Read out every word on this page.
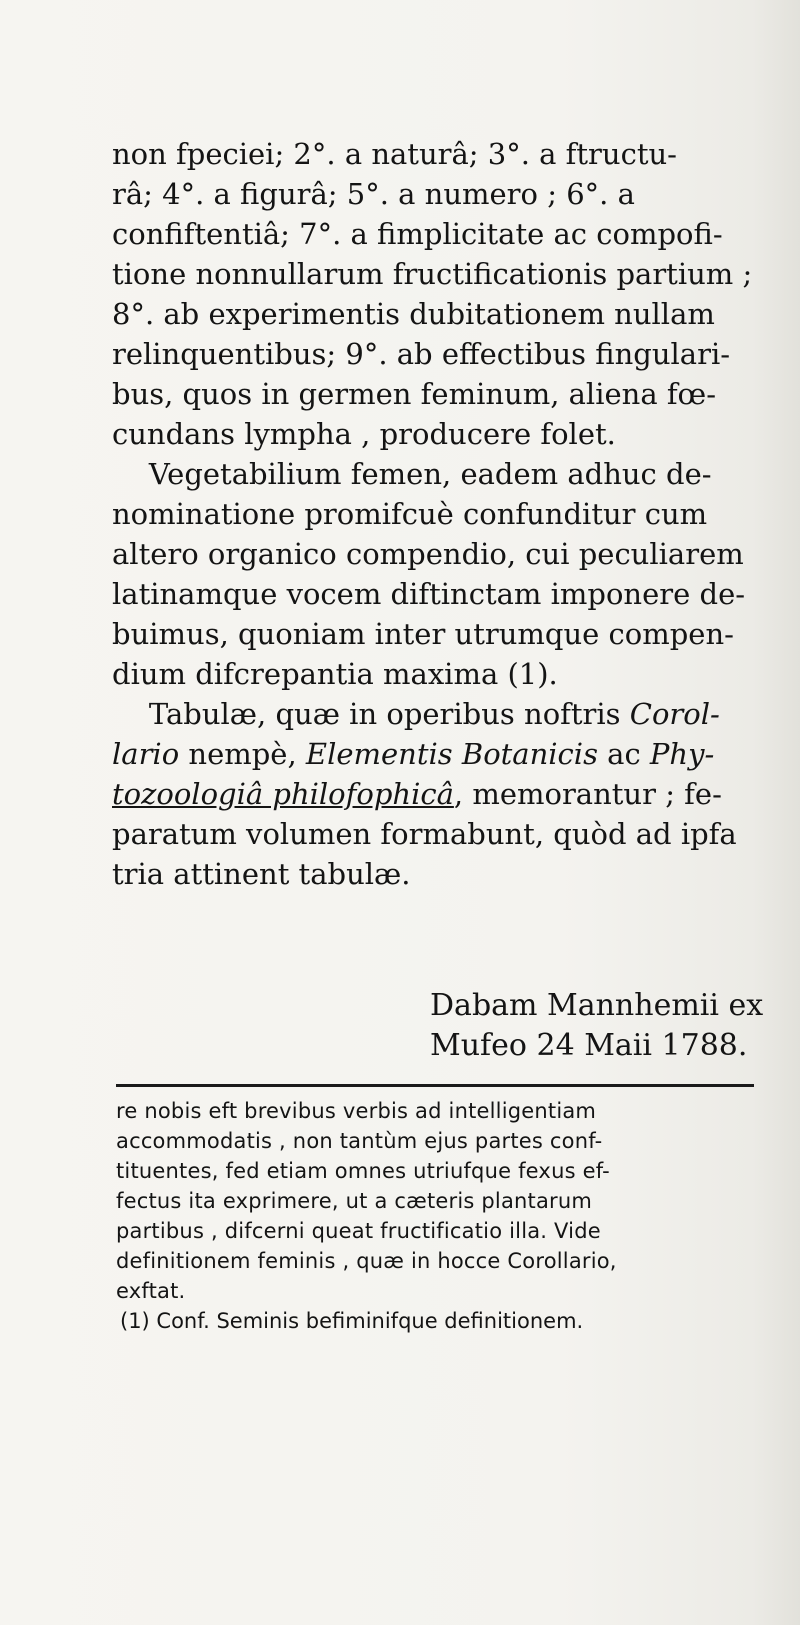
non fpeciei; 2°. a naturâ; 3°. a ftructu-
râ; 4°. a figurâ; 5°. a numero ; 6°. a
confiftentiâ; 7°. a fimplicitate ac compofi-
tione nonnullarum fructificationis partium ;
8°. ab experimentis dubitationem nullam
relinquentibus; 9°. ab effectibus fingulari-
bus, quos in germen feminum, aliena fœ-
cundans lympha , producere folet.
Vegetabilium femen, eadem adhuc de-
nominatione promifcuè confunditur cum
altero organico compendio, cui peculiarem
latinamque vocem diftinctam imponere de-
buimus, quoniam inter utrumque compen-
dium difcrepantia maxima (1).
Tabulæ, quæ in operibus noftris Corol-
lario nempè, Elementis Botanicis ac Phy-
tozoologiâ philofophicâ, memorantur ; fe-
paratum volumen formabunt, quòd ad ipfa
tria attinent tabulæ.
Dabam Mannhemii ex
Mufeo 24 Maii 1788.
re nobis eft brevibus verbis ad intelligentiam
accommodatis , non tantùm ejus partes conf-
tituentes, fed etiam omnes utriufque fexus ef-
fectus ita exprimere, ut a cæteris plantarum
partibus , difcerni queat fructificatio illa. Vide
definitionem feminis , quæ in hocce Corollario,
exftat.
(1) Conf. Seminis befiminifque definitionem.
